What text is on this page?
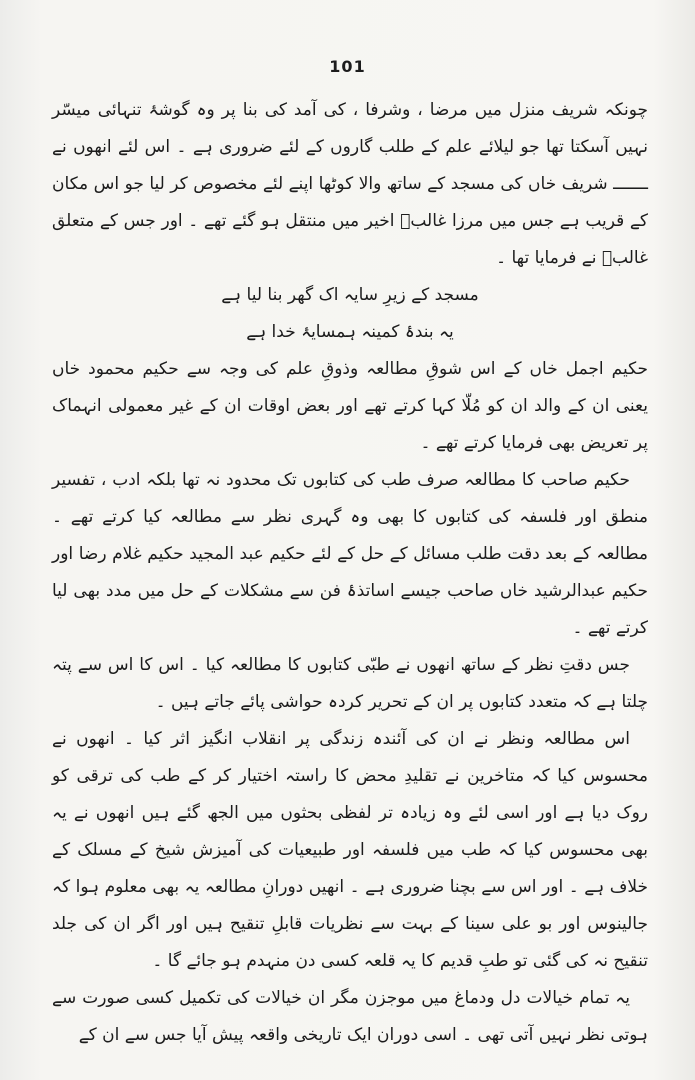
101

چونکہ شریف منزل میں مرضا ، وشرفا ، کی آمد کی بنا پر وہ گوشۂ تنہائی میسّر نہیں آسکتا تھا جو لیلائے علم کے طلب گاروں کے لئے ضروری ہے ۔ اس لئے انھوں نے ـــــــ شریف خاں کی مسجد کے ساتھ والا کوٹھا اپنے لئے مخصوص کر لیا جو اس مکان کے قریب ہے جس میں مرزا غالبؔ اخیر میں منتقل ہو گئے تھے ۔ اور جس کے متعلق غالبؔ نے فرمایا تھا ۔

مسجد کے زیرِ سایہ اک گھر بنا لیا ہے

یہ بندۂ کمینہ ہمسایۂ خدا ہے

حکیم اجمل خاں کے اس شوقِ مطالعہ وذوقِ علم کی وجہ سے حکیم محمود خاں یعنی ان کے والد ان کو مُلّا کہا کرتے تھے اور بعض اوقات ان کے غیر معمولی انہماک پر تعریض بھی فرمایا کرتے تھے ۔

حکیم صاحب کا مطالعہ صرف طب کی کتابوں تک محدود نہ تھا بلکہ ادب ، تفسیر منطق اور فلسفہ کی کتابوں کا بھی وہ گہری نظر سے مطالعہ کیا کرتے تھے ۔ مطالعہ کے بعد دقت طلب مسائل کے حل کے لئے حکیم عبد المجید حکیم غلام رضا اور حکیم عبدالرشید خاں صاحب جیسے اساتذۂ فن سے مشکلات کے حل میں مدد بھی لیا کرتے تھے ۔

جس دقتِ نظر کے ساتھ انھوں نے طبّی کتابوں کا مطالعہ کیا ۔ اس کا اس سے پتہ چلتا ہے کہ متعدد کتابوں پر ان کے تحریر کردہ حواشی پائے جاتے ہیں ۔

اس مطالعہ ونظر نے ان کی آئندہ زندگی پر انقلاب انگیز اثر کیا ۔ انھوں نے محسوس کیا کہ متاخرین نے تقلیدِ محض کا راستہ اختیار کر کے طب کی ترقی کو روک دیا ہے اور اسی لئے وہ زیادہ تر لفظی بحثوں میں الجھ گئے ہیں انھوں نے یہ بھی محسوس کیا کہ طب میں فلسفہ اور طبیعیات کی آمیزش شیخ کے مسلک کے خلاف ہے ۔ اور اس سے بچنا ضروری ہے ۔ انھیں دورانِ مطالعہ یہ بھی معلوم ہوا کہ جالینوس اور بو علی سینا کے بہت سے نظریات قابلِ تنقیح ہیں اور اگر ان کی جلد تنقیح نہ کی گئی تو طبِ قدیم کا یہ قلعہ کسی دن منہدم ہو جائے گا ۔

یہ تمام خیالات دل ودماغ میں موجزن مگر ان خیالات کی تکمیل کسی صورت سے ہوتی نظر نہیں آتی تھی ۔ اسی دوران ایک تاریخی واقعہ پیش آیا جس سے ان کے
